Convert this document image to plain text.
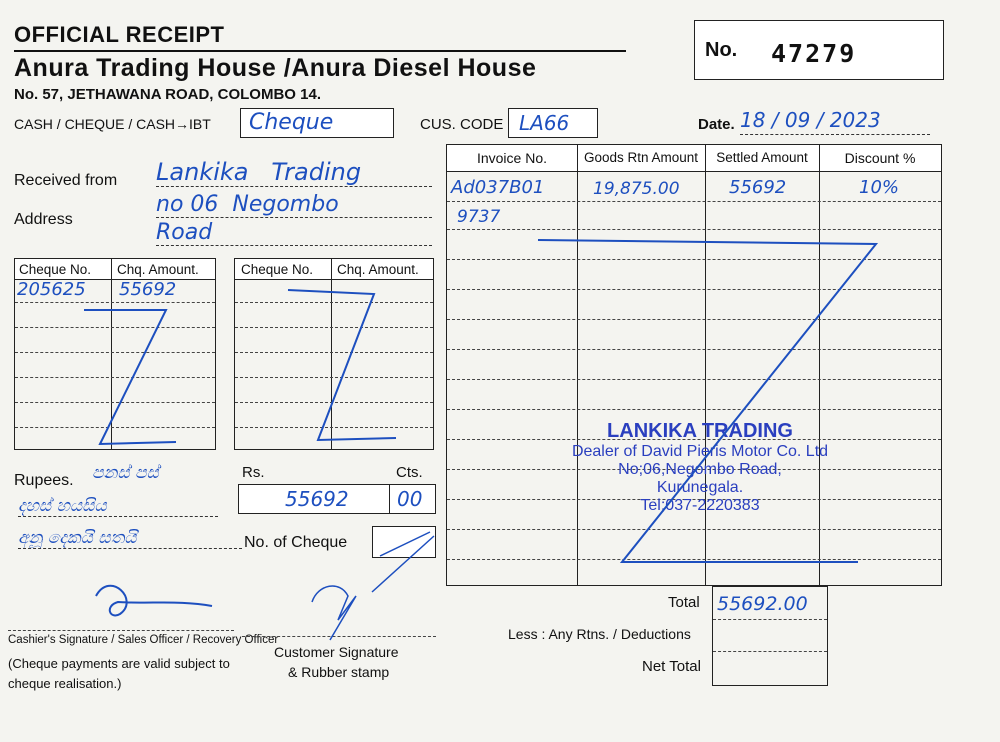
OFFICIAL RECEIPT
Anura Trading House /Anura Diesel House
No. 57, JETHAWANA ROAD, COLOMBO 14.
No. 47279
CASH / CHEQUE / CASH→IBT Cheque	CUS. CODE LA66	Date. 18 / 09 / 2023
Received from Lankika   Trading
Address
no 06  Negombo
Road
Cheque No. Chq. Amount.
205625 55692
Cheque No. Chq. Amount.
Invoice No.	Goods Rtn Amount	Settled Amount	Discount %
Ad037B01	19,875.00	55692	10%
9737
LANKIKA TRADING
Dealer of David Pieris Motor Co. Ltd
No;06,Negombo Road,
Kurunegala.
Tel;037-2220383
Rupees. පනස් පස්
දහස් හයසිය
අනූ දෙකයි සතයි
Rs.	Cts.
55692 00
No. of Cheque
Total 55692.00
Less : Any Rtns. / Deductions
Net Total
Cashier's Signature / Sales Officer / Recovery Officer
(Cheque payments are valid subject to
cheque realisation.)
Customer Signature
& Rubber stamp
